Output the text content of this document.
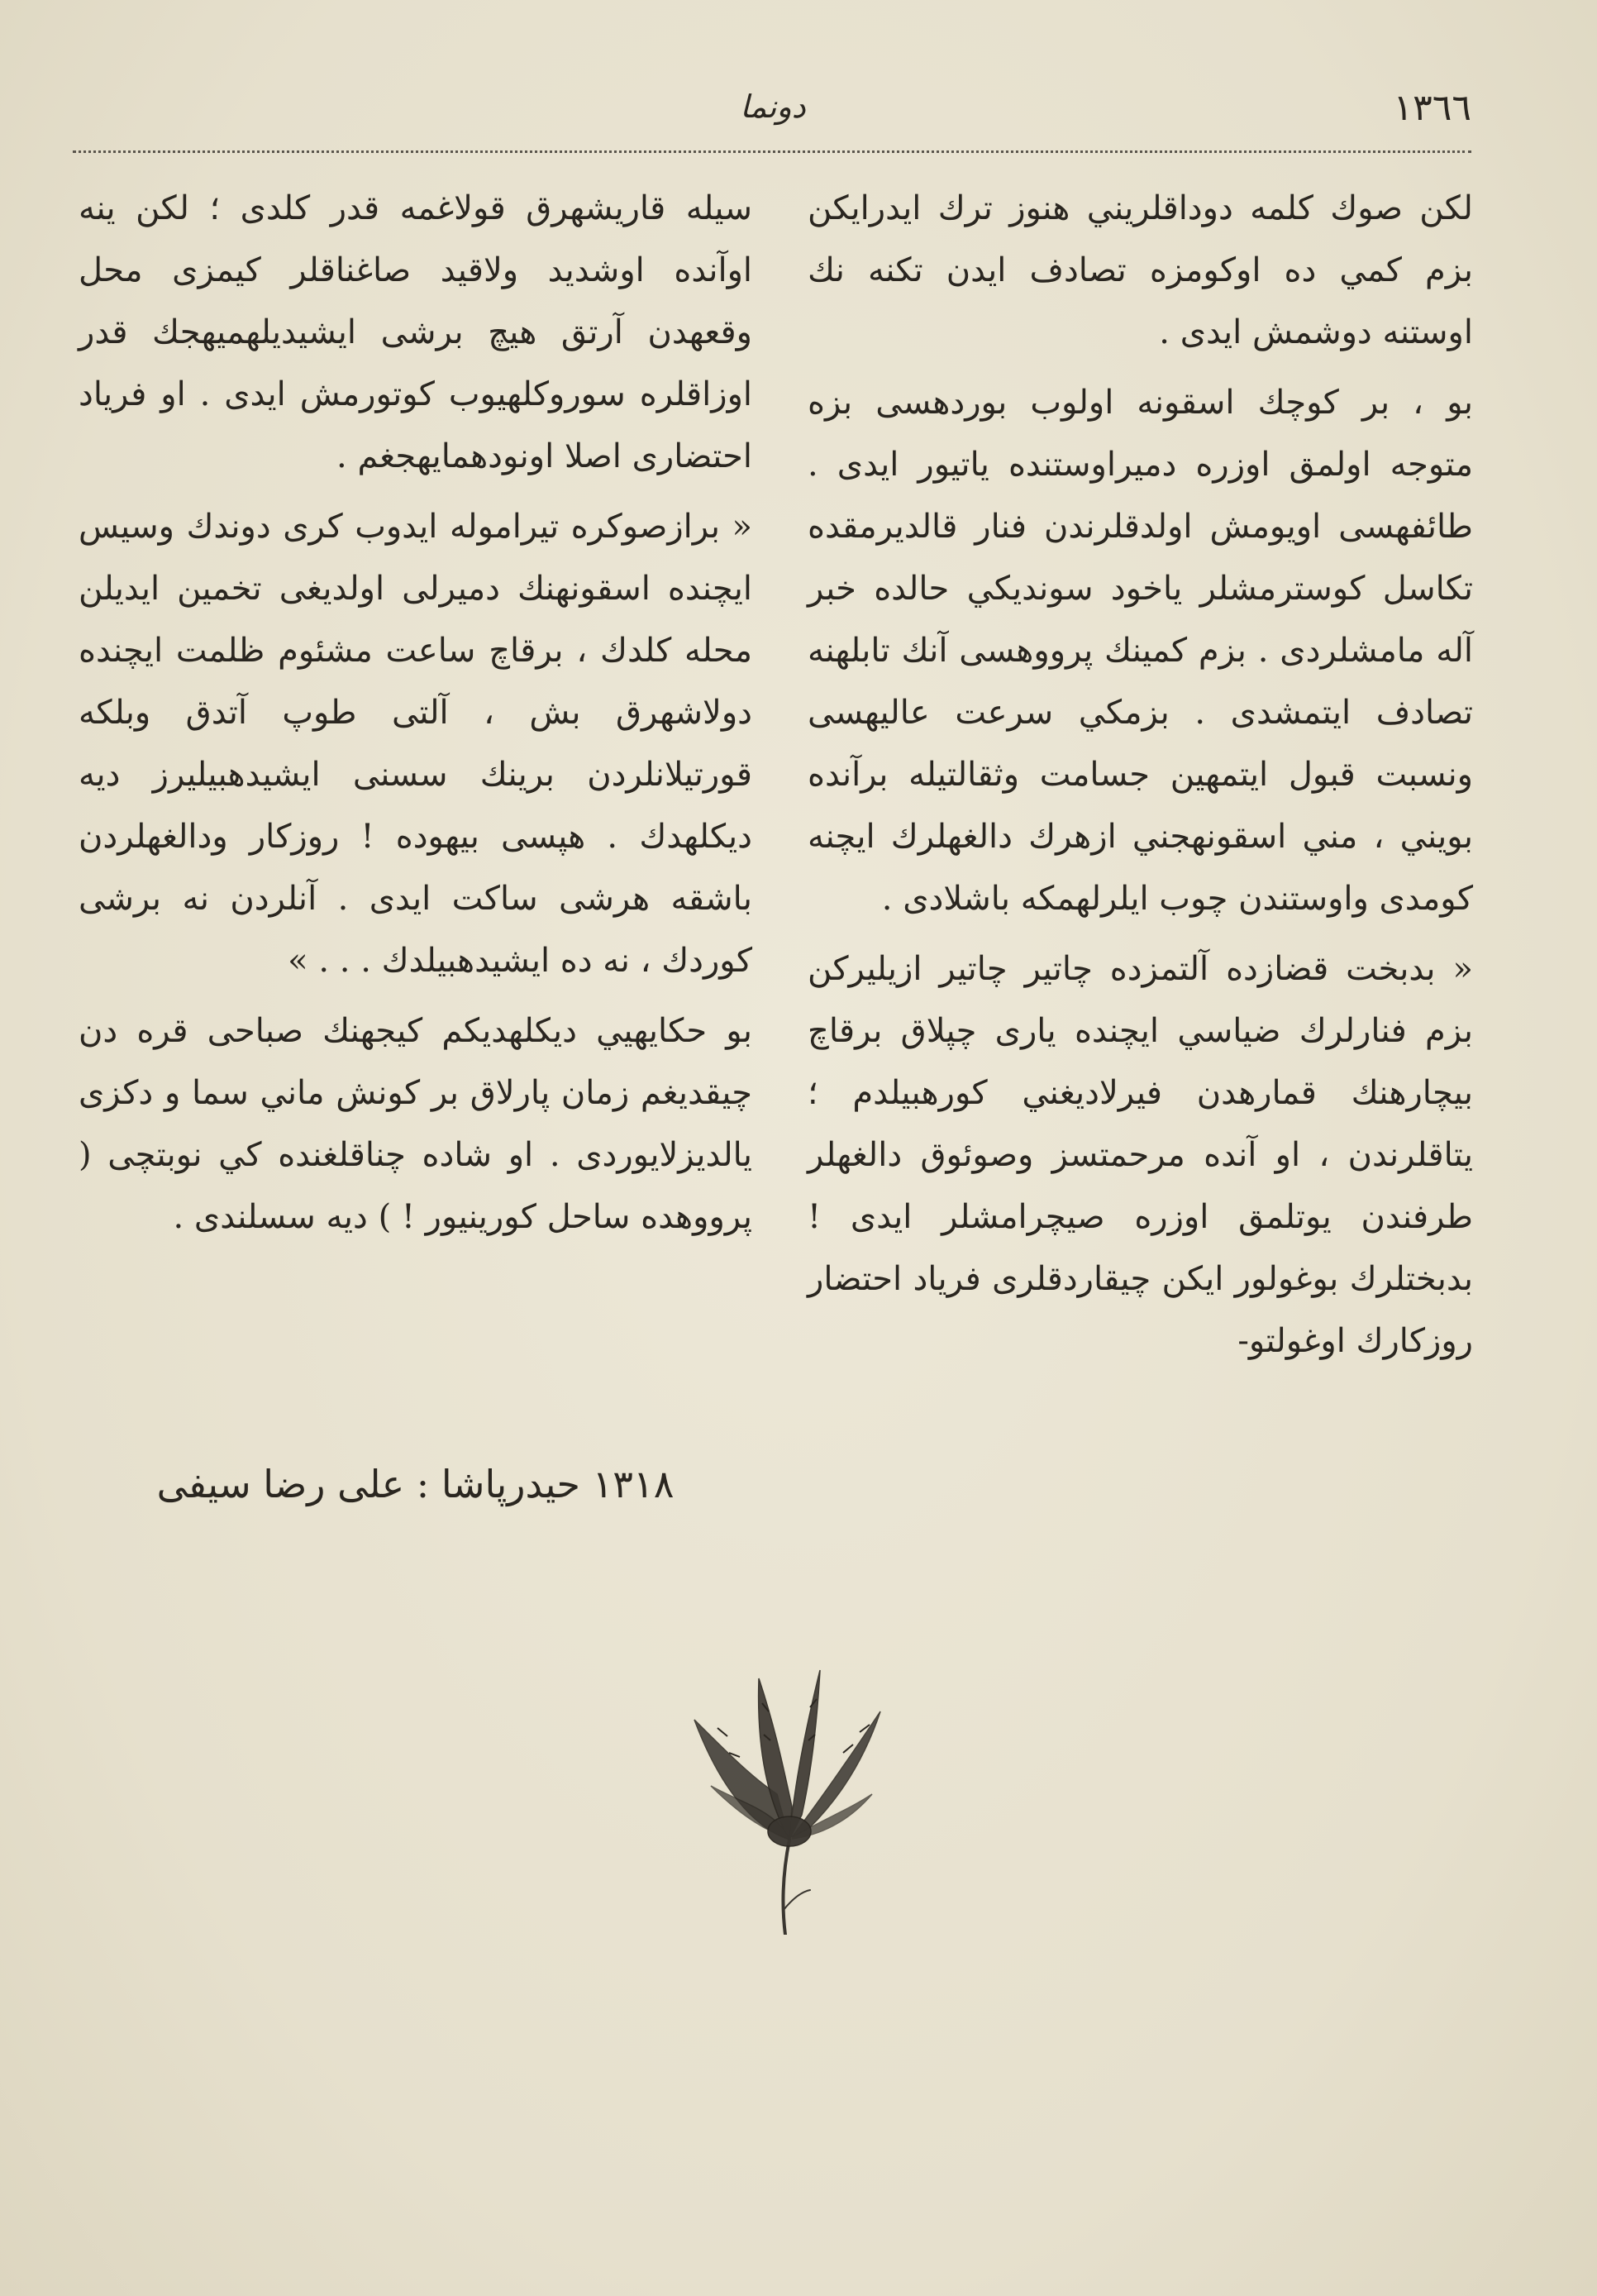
١٣٦٦
دونما

لكن صوك كلمه دوداقلريني هنوز ترك ايدرايكن بزم كمي ده اوكومزه تصادف ايدن تكنه نك اوستنه دوشمش ايدى .

بو ، بر كوچك اسقونه اولوب بوردهسى بزه متوجه اولمق اوزره دميراوستنده ياتيور ايدى . طائفهسى اويومش اولدقلرندن فنار قالديرمقده تكاسل كوسترمشلر ياخود سونديكي حالده خبر آله مامشلردى . بزم كمينك پرووهسى آنك تابلهنه تصادف ايتمشدى . بزمكي سرعت عاليهسى ونسبت قبول ايتمهين جسامت وثقالتيله برآنده بويني ، مني اسقونهجني ازهرك دالغهلرك ايچنه كومدى واوستندن چوب ايلرلهمكه باشلادى .

« بدبخت قضازده آلتمزده چاتير چاتير ازيليركن بزم فنارلرك ضياسي ايچنده يارى چپلاق برقاچ بيچارهنك قمارهدن فيرلاديغني كورهبيلدم ؛ يتاقلرندن ، او آنده مرحمتسز وصوئوق دالغهلر طرفندن يوتلمق اوزره صيچرامشلر ايدى ! بدبختلرك بوغولور ايكن چيقاردقلرى فرياد احتضار روزكارك اوغولتو-

سيله قاريشهرق قولاغمه قدر كلدى ؛ لكن ينه اوآنده اوشديد ولاقيد صاغناقلر كيمزى محل وقعهدن آرتق هيچ برشى ايشيديلهميهجك قدر اوزاقلره سوروكلهيوب كوتورمش ايدى . او فرياد احتضارى اصلا اونودهمايهجغم .

« برازصوكره تيراموله ايدوب كرى دوندك وسيس ايچنده اسقونهنك دميرلى اولديغى تخمين ايديلن محله كلدك ، برقاچ ساعت مشئوم ظلمت ايچنده دولاشهرق بش ، آلتى طوپ آتدق وبلكه قورتيلانلردن برينك سسنى ايشيدهبيليرز ديه ديكلهدك . هپسى بيهوده ! روزكار ودالغهلردن باشقه هرشى ساكت ايدى . آنلردن نه برشى كوردك ، نه ده ايشيدهبيلدك . . . »

بو حكايهيي ديكلهديكم كيجهنك صباحى قره دن چيقديغم زمان پارلاق بر كونش ماني سما و دكزى يالديزلايوردى . او شاده چناقلغنده كي نوبتچى ( پرووهده ساحل كورينيور ! ) ديه سسلندى .

١٣١٨ حيدرپاشا : على رضا سيفى
